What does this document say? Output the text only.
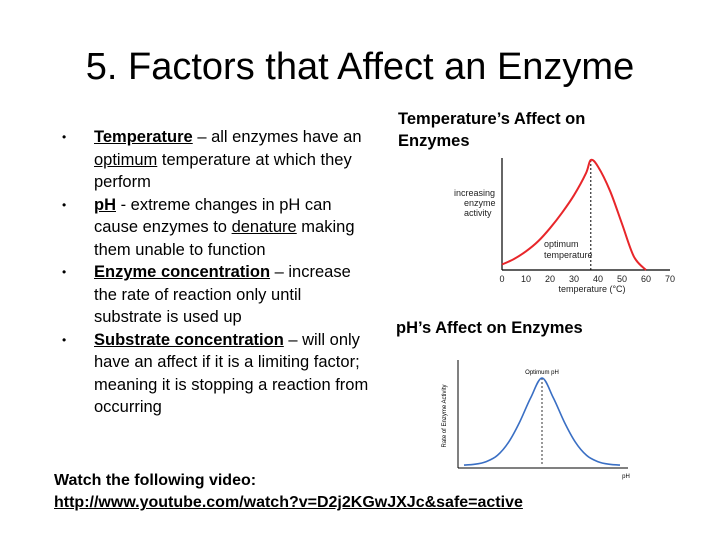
5. Factors that Affect an Enzyme
•	Temperature – all enzymes have an optimum temperature at which they perform
•	pH - extreme changes in pH can cause enzymes to denature making them unable to function
•	Enzyme concentration – increase the rate of reaction only until substrate is used up
•	Substrate concentration – will only have an affect if it is a limiting factor; meaning it is stopping a reaction from occurring
Temperature’s Affect on Enzymes
increasing enzyme activity
optimum temperature
0 10 20 30 40 50 60 70
temperature (°C)
pH’s Affect on Enzymes
Optimum pH
Rate of Enzyme Activity
pH
Watch the following video:
http://www.youtube.com/watch?v=D2j2KGwJXJc&safe=active
